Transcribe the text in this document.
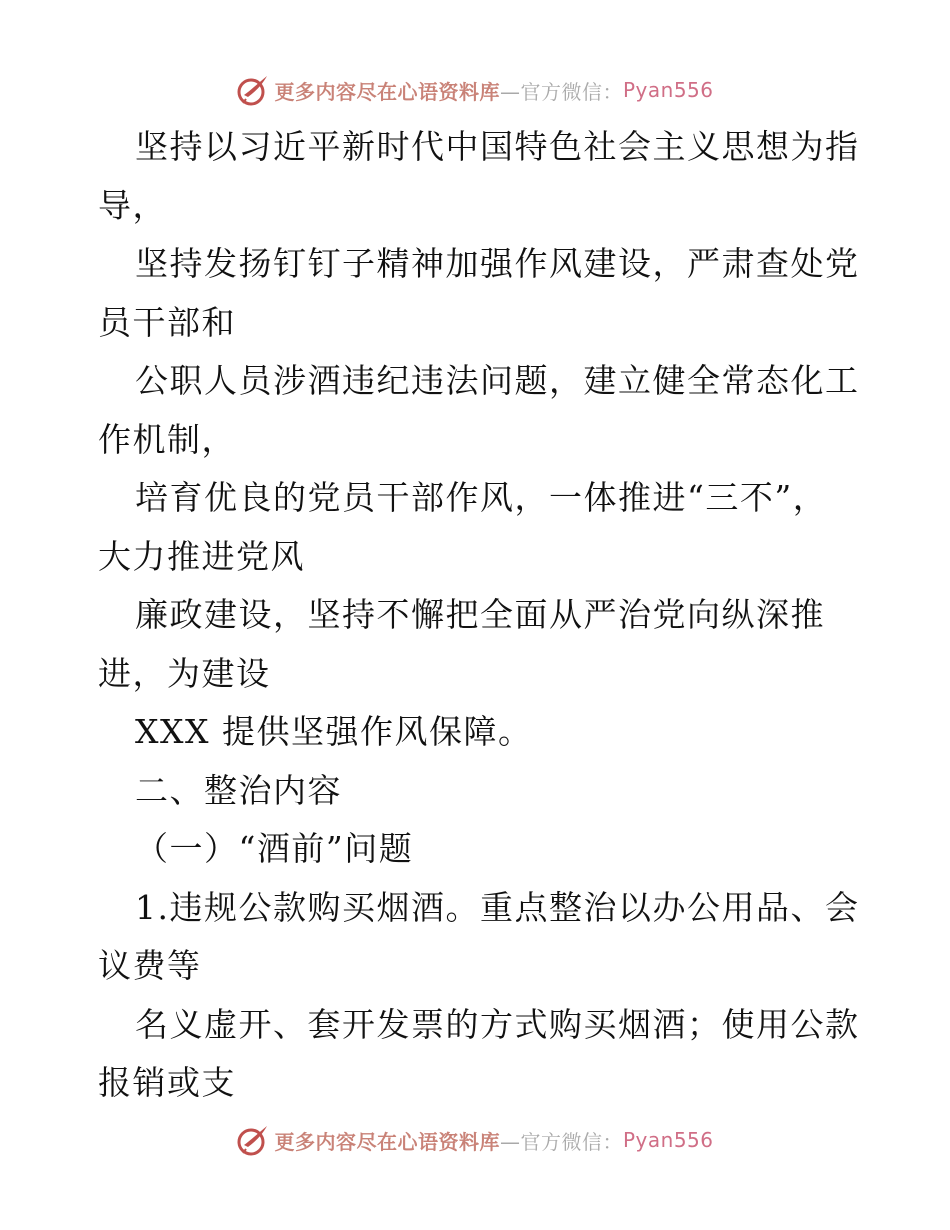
更多内容尽在心语资料库 —官方微信： Pyan556
坚持以习近平新时代中国特色社会主义思想为指
导，
坚持发扬钉钉子精神加强作风建设，严肃查处党
员干部和
公职人员涉酒违纪违法问题，建立健全常态化工
作机制，
培育优良的党员干部作风，一体推进“三不”，
大力推进党风
廉政建设，坚持不懈把全面从严治党向纵深推
进，为建设
XXX 提供坚强作风保障。
二、整治内容
（一）“酒前”问题
1.违规公款购买烟酒。重点整治以办公用品、会
议费等
名义虚开、套开发票的方式购买烟酒；使用公款
报销或支
更多内容尽在心语资料库 —官方微信： Pyan556
